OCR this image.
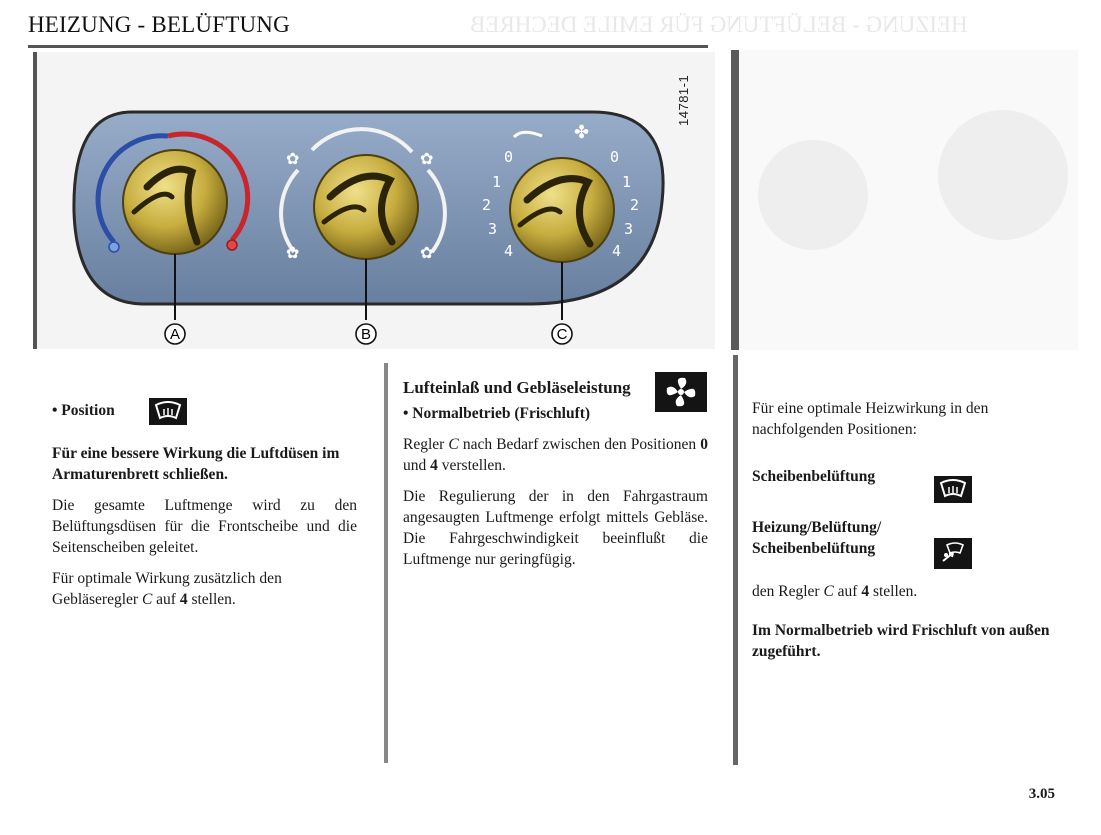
HEIZUNG - BELÜFTUNG	HEIZUNG - BELÜFTUNG FÜR EMILE DECHREB
14781-1
✿	✿
✿	✿
✤
0
1
2
3
4
0
1
2
3
4
A	B	C
• Position

Für eine bessere Wirkung die Luftdüsen im Armaturenbrett schließen.

Die gesamte Luftmenge wird zu den Belüftungsdüsen für die Frontscheibe und die Seitenscheiben geleitet.

Für optimale Wirkung zusätzlich den Gebläseregler C auf 4 stellen.

Lufteinlaß und Gebläseleistung

• Normalbetrieb (Frischluft)

Regler C nach Bedarf zwischen den Positionen 0 und 4 verstellen.

Die Regulierung der in den Fahrgastraum angesaugten Luftmenge erfolgt mittels Gebläse. Die Fahrgeschwindigkeit beeinflußt die Luftmenge nur geringfügig.

Für eine optimale Heizwirkung in den nachfolgenden Positionen:

Scheibenbelüftung
Heizung/Belüftung/
Scheibenbelüftung

den Regler C auf 4 stellen.

Im Normalbetrieb wird Frischluft von außen zugeführt.

3.05
